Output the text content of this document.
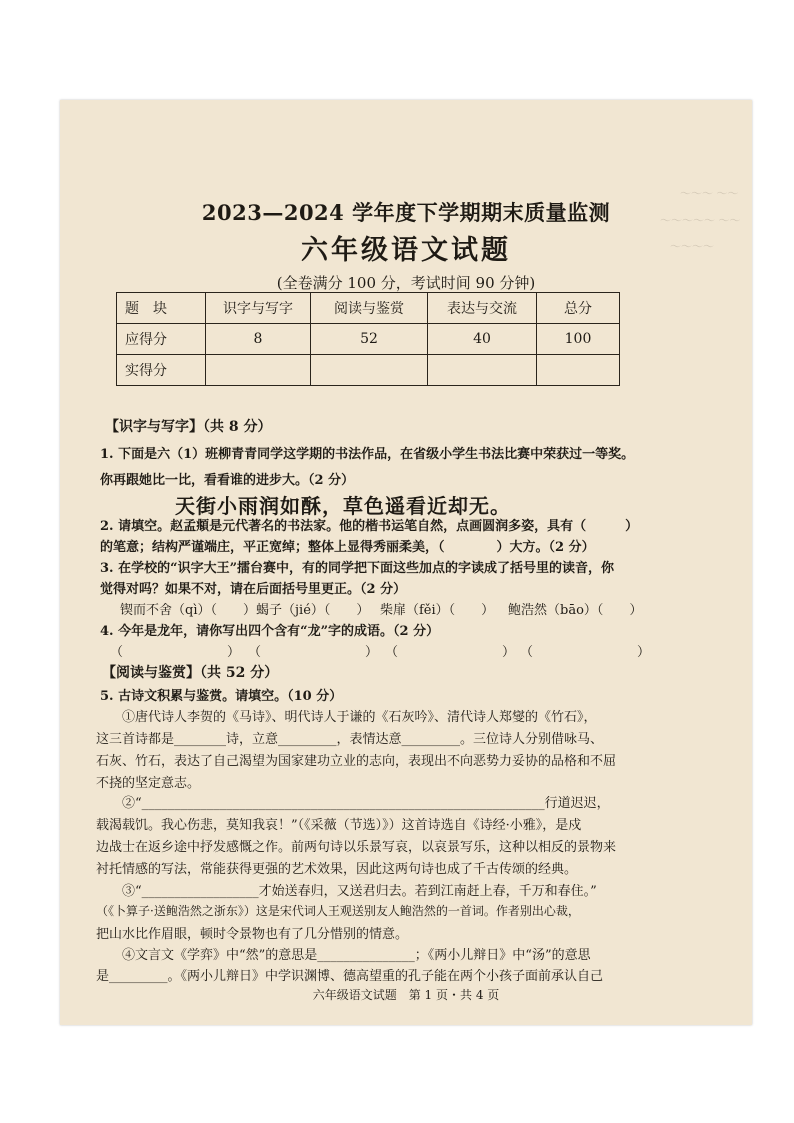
～～～ ～～
～～～～～ ～～
～～～～
2023—2024 学年度下学期期末质量监测
六年级语文试题
(全卷满分 100 分，考试时间 90 分钟)
题　块	识字与写字	阅读与鉴赏	表达与交流	总分
应得分	8	52	40	100
实得分				
【识字与写字】（共 8 分）
1. 下面是六（1）班柳青青同学这学期的书法作品，在省级小学生书法比赛中荣获过一等奖。
你再跟她比一比，看看谁的进步大。（2 分）
天街小雨润如酥，草色遥看近却无。
2. 请填空。赵孟頫是元代著名的书法家。他的楷书运笔自然，点画圆润多姿，具有（　　　）
的笔意；结构严谨端庄，平正宽绰；整体上显得秀丽柔美，（　　　　）大方。（2 分）
3. 在学校的“识字大王”擂台赛中，有的同学把下面这些加点的字读成了括号里的读音，你
觉得对吗？如果不对，请在后面括号里更正。（2 分）
锲而不舍（qì）（　　） 蝎子（jié）（　　） 柴扉（fěi）（　　） 鲍浩然（bāo）（　　）
4. 今年是龙年，请你写出四个含有“龙”字的成语。（2 分）
（　　　　　　　　） （　　　　　　　　） （　　　　　　　　） （　　　　　　　　）
【阅读与鉴赏】（共 52 分）
5. 古诗文积累与鉴赏。请填空。（10 分）
①唐代诗人李贺的《马诗》、明代诗人于谦的《石灰吟》、清代诗人郑燮的《竹石》，
这三首诗都是________诗，立意_________，表情达意_________。三位诗人分别借咏马、
石灰、竹石，表达了自己渴望为国家建功立业的志向，表现出不向恶势力妥协的品格和不屈
不挠的坚定意志。
②“______________________________________________________________行道迟迟，
载渴载饥。我心伤悲，莫知我哀！”（《采薇（节选）》）这首诗选自《诗经·小雅》，是戍
边战士在返乡途中抒发感慨之作。前两句诗以乐景写哀，以哀景写乐，这种以相反的景物来
衬托情感的写法，常能获得更强的艺术效果，因此这两句诗也成了千古传颂的经典。
③“__________________才始送春归，又送君归去。若到江南赶上春，千万和春住。”
（《卜算子·送鲍浩然之浙东》）这是宋代词人王观送别友人鲍浩然的一首词。作者别出心裁，
把山水比作眉眼，顿时令景物也有了几分惜别的情意。
④文言文《学弈》中“然”的意思是_______________；《两小儿辩日》中“汤”的意思
是_________。《两小儿辩日》中学识渊博、德高望重的孔子能在两个小孩子面前承认自己
六年级语文试题　第 1 页・共 4 页
